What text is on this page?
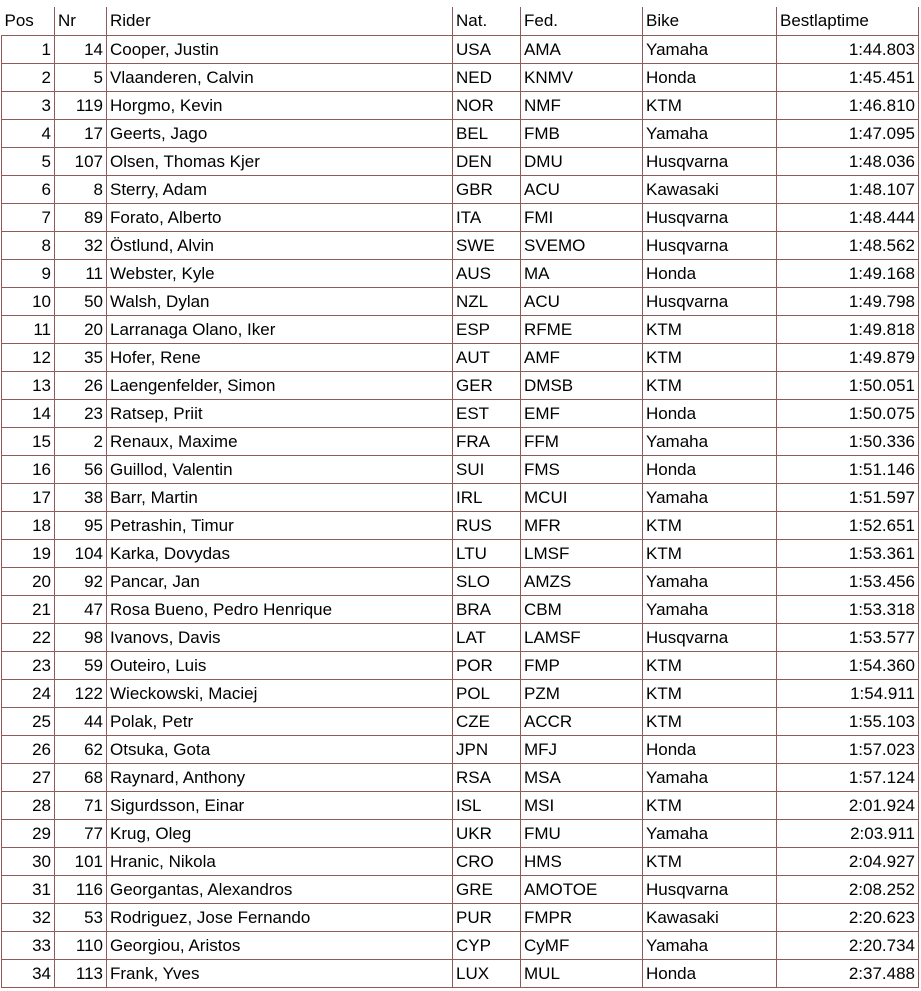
Pos	Nr	Rider	Nat.	Fed.	Bike	Bestlaptime
1	14	Cooper, Justin	USA	AMA	Yamaha	1:44.803
2	5	Vlaanderen, Calvin	NED	KNMV	Honda	1:45.451
3	119	Horgmo, Kevin	NOR	NMF	KTM	1:46.810
4	17	Geerts, Jago	BEL	FMB	Yamaha	1:47.095
5	107	Olsen, Thomas Kjer	DEN	DMU	Husqvarna	1:48.036
6	8	Sterry, Adam	GBR	ACU	Kawasaki	1:48.107
7	89	Forato, Alberto	ITA	FMI	Husqvarna	1:48.444
8	32	Östlund, Alvin	SWE	SVEMO	Husqvarna	1:48.562
9	11	Webster, Kyle	AUS	MA	Honda	1:49.168
10	50	Walsh, Dylan	NZL	ACU	Husqvarna	1:49.798
11	20	Larranaga Olano, Iker	ESP	RFME	KTM	1:49.818
12	35	Hofer, Rene	AUT	AMF	KTM	1:49.879
13	26	Laengenfelder, Simon	GER	DMSB	KTM	1:50.051
14	23	Ratsep, Priit	EST	EMF	Honda	1:50.075
15	2	Renaux, Maxime	FRA	FFM	Yamaha	1:50.336
16	56	Guillod, Valentin	SUI	FMS	Honda	1:51.146
17	38	Barr, Martin	IRL	MCUI	Yamaha	1:51.597
18	95	Petrashin, Timur	RUS	MFR	KTM	1:52.651
19	104	Karka, Dovydas	LTU	LMSF	KTM	1:53.361
20	92	Pancar, Jan	SLO	AMZS	Yamaha	1:53.456
21	47	Rosa Bueno, Pedro Henrique	BRA	CBM	Yamaha	1:53.318
22	98	Ivanovs, Davis	LAT	LAMSF	Husqvarna	1:53.577
23	59	Outeiro, Luis	POR	FMP	KTM	1:54.360
24	122	Wieckowski, Maciej	POL	PZM	KTM	1:54.911
25	44	Polak, Petr	CZE	ACCR	KTM	1:55.103
26	62	Otsuka, Gota	JPN	MFJ	Honda	1:57.023
27	68	Raynard, Anthony	RSA	MSA	Yamaha	1:57.124
28	71	Sigurdsson, Einar	ISL	MSI	KTM	2:01.924
29	77	Krug, Oleg	UKR	FMU	Yamaha	2:03.911
30	101	Hranic, Nikola	CRO	HMS	KTM	2:04.927
31	116	Georgantas, Alexandros	GRE	AMOTOE	Husqvarna	2:08.252
32	53	Rodriguez, Jose Fernando	PUR	FMPR	Kawasaki	2:20.623
33	110	Georgiou, Aristos	CYP	CyMF	Yamaha	2:20.734
34	113	Frank, Yves	LUX	MUL	Honda	2:37.488
